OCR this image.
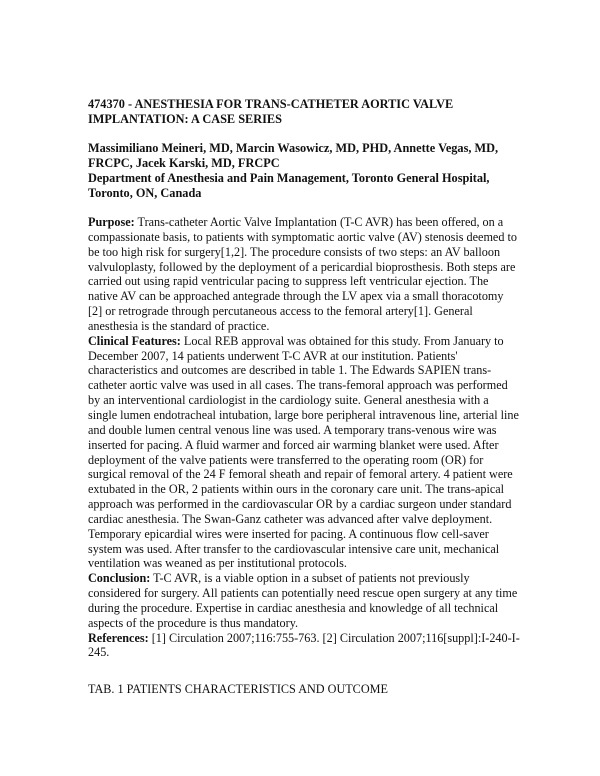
474370 - ANESTHESIA FOR TRANS-CATHETER AORTIC VALVE IMPLANTATION: A CASE SERIES

Massimiliano Meineri, MD, Marcin Wasowicz, MD, PHD, Annette Vegas, MD, FRCPC, Jacek Karski, MD, FRCPC

Department of Anesthesia and Pain Management, Toronto General Hospital, Toronto, ON, Canada

Purpose: Trans-catheter Aortic Valve Implantation (T-C AVR) has been offered, on a compassionate basis, to patients with symptomatic aortic valve (AV) stenosis deemed to be too high risk for surgery[1,2]. The procedure consists of two steps: an AV balloon valvuloplasty, followed by the deployment of a pericardial bioprosthesis. Both steps are carried out using rapid ventricular pacing to suppress left ventricular ejection. The native AV can be approached antegrade through the LV apex via a small thoracotomy [2] or retrograde through percutaneous access to the femoral artery[1]. General anesthesia is the standard of practice.

Clinical Features: Local REB approval was obtained for this study. From January to December 2007, 14 patients underwent T-C AVR at our institution. Patients' characteristics and outcomes are described in table 1. The Edwards SAPIEN trans-catheter aortic valve was used in all cases. The trans-femoral approach was performed by an interventional cardiologist in the cardiology suite. General anesthesia with a single lumen endotracheal intubation, large bore peripheral intravenous line, arterial line and double lumen central venous line was used. A temporary trans-venous wire was inserted for pacing. A fluid warmer and forced air warming blanket were used. After deployment of the valve patients were transferred to the operating room (OR) for surgical removal of the 24 F femoral sheath and repair of femoral artery. 4 patient were extubated in the OR, 2 patients within ours in the coronary care unit. The trans-apical approach was performed in the cardiovascular OR by a cardiac surgeon under standard cardiac anesthesia. The Swan-Ganz catheter was advanced after valve deployment. Temporary epicardial wires were inserted for pacing. A continuous flow cell-saver system was used. After transfer to the cardiovascular intensive care unit, mechanical ventilation was weaned as per institutional protocols.

Conclusion: T-C AVR, is a viable option in a subset of patients not previously considered for surgery. All patients can potentially need rescue open surgery at any time during the procedure. Expertise in cardiac anesthesia and knowledge of all technical aspects of the procedure is thus mandatory.

References: [1] Circulation 2007;116:755-763. [2] Circulation 2007;116[suppl]:I-240-I-245.

TAB. 1 PATIENTS CHARACTERISTICS AND OUTCOME
